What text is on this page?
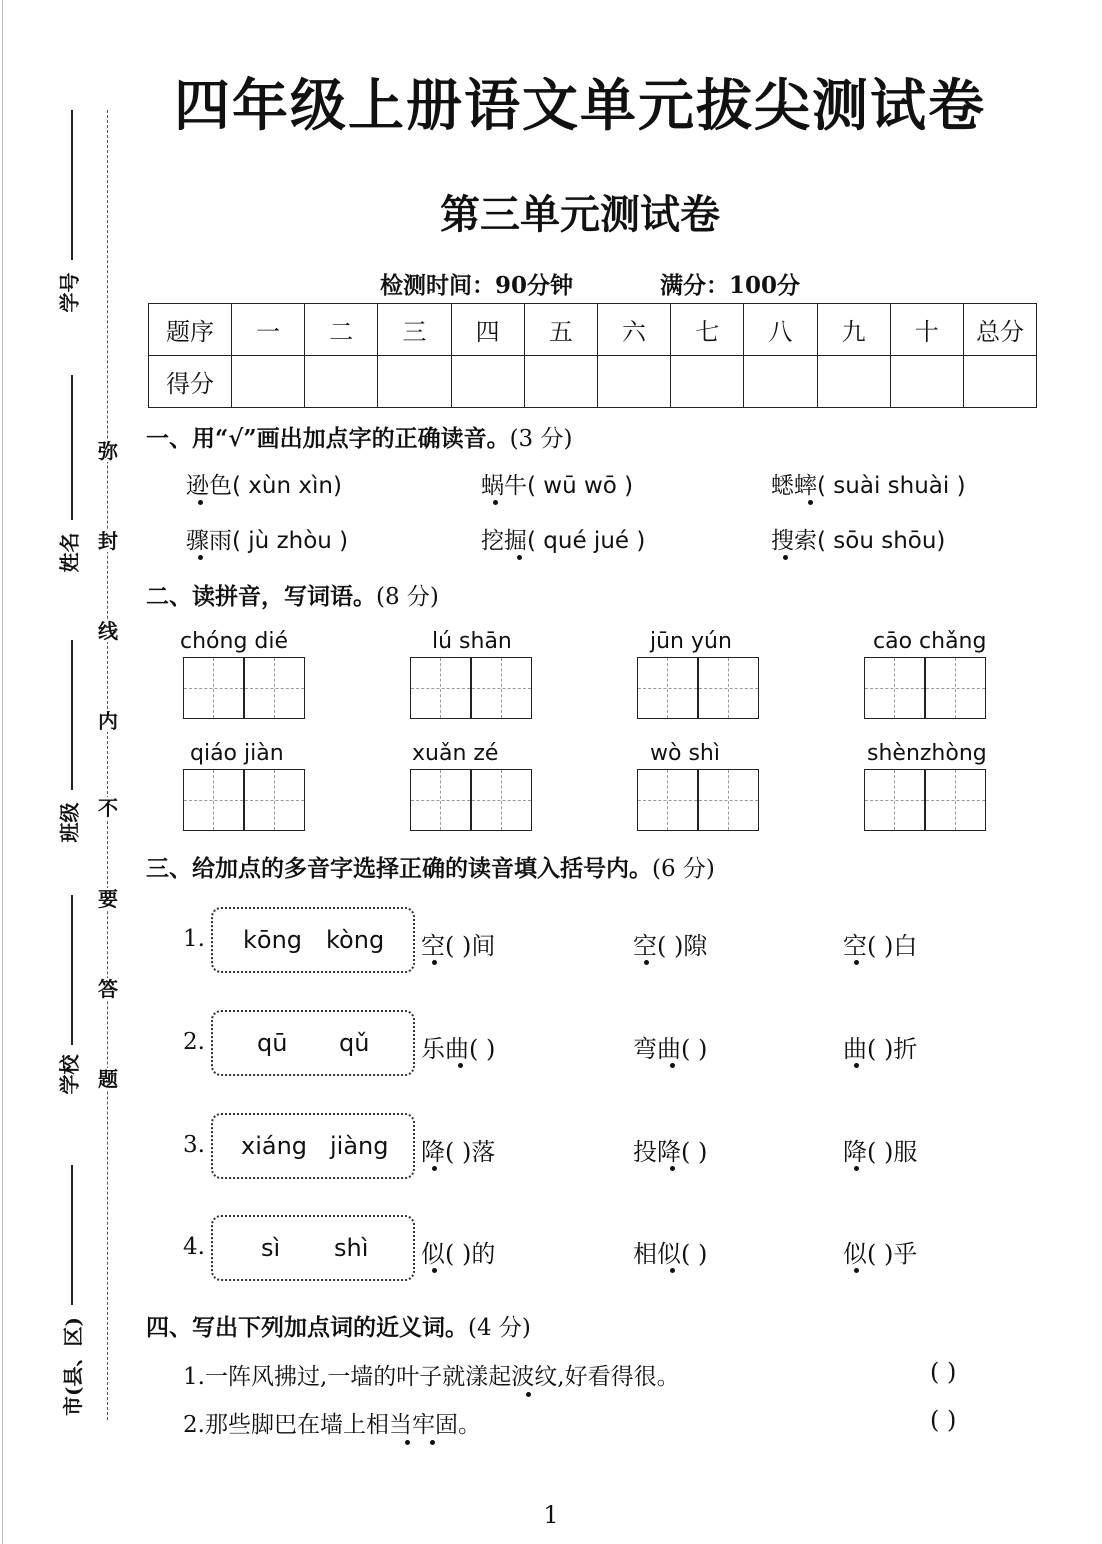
学号
姓名
班级
学校
市(县、区)
弥
封
线
内
不
要
答
题
四年级上册语文单元拔尖测试卷
第三单元测试卷
检测时间：90分钟	满分：100分
题序	一	二	三	四	五	六	七	八	九	十	总分
得分											
一、用“√”画出加点字的正确读音。(3 分)
逊色( xùn xìn)	蜗牛( wū wō )	蟋蟀( suài shuài )
骤雨( jù zhòu )	挖掘( qué jué )	搜索( sōu shōu)
二、读拼音，写词语。(8 分)
chóng dié	lú shān	jūn yún	cāo chǎng
qiáo jiàn	xuǎn zé	wò shì	shènzhòng
三、给加点的多音字选择正确的读音填入括号内。(6 分)
1. kōng kòng 空( )间	空( )隙	空( )白
2. qū qǔ 乐曲( )	弯曲( )	曲( )折
3. xiáng jiàng 降( )落	投降( )	降( )服
4. sì shì 似( )的	相似( )	似( )乎
四、写出下列加点词的近义词。(4 分)
1.一阵风拂过,一墙的叶子就漾起波纹,好看得很。	( )
2.那些脚巴在墙上相当牢固。	( )
1
